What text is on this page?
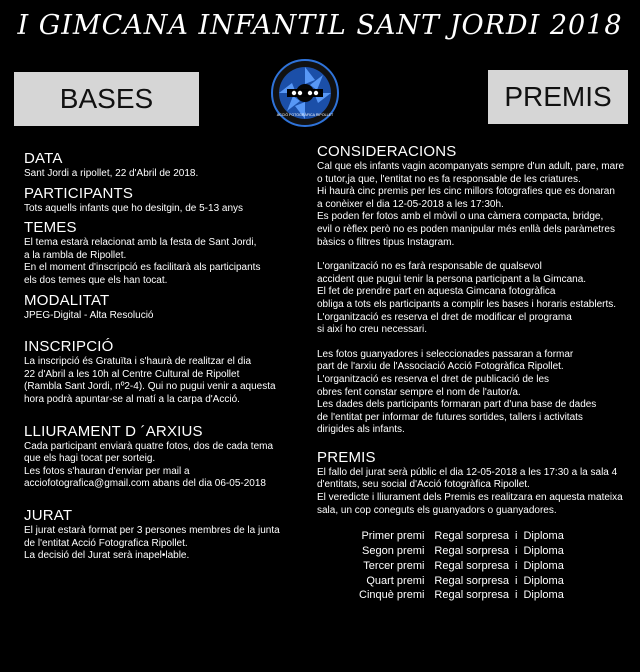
I GIMCANA INFANTIL SANT JORDI 2018
BASES	PREMIS
ACCIÓ FOTOGRÀFICA RIPOLLET
DATA
Sant Jordi a ripollet, 22 d'Abril de 2018.
PARTICIPANTS
Tots aquells infants que ho desitgin, de 5-13 anys
TEMES
El tema estarà relacionat amb la festa de Sant Jordi,
a la rambla de Ripollet.
En el moment d'inscripció es facilitarà als participants
els dos temes que els han tocat.
MODALITAT
JPEG-Digital - Alta Resolució
INSCRIPCIÓ
La inscripció és Gratuïta i s'haurà de realitzar el dia
22 d'Abril a les 10h al Centre Cultural de Ripollet
(Rambla Sant Jordi, nº2-4). Qui no pugui venir a aquesta
hora podrà apuntar-se al matí a la carpa d'Acció.
LLIURAMENT D ´ARXIUS
Cada participant enviarà quatre fotos, dos de cada tema
que els hagi tocat per sorteig.
Les fotos s'hauran d'enviar per mail a
acciofotografica@gmail.com abans del dia 06-05-2018
JURAT
El jurat estarà format per 3 persones membres de la junta
de l'entitat Acció Fotografica Ripollet.
La decisió del Jurat serà inapel•lable.
CONSIDERACIONS
Cal que els infants vagin acompanyats sempre d'un adult, pare, mare
o tutor,ja que, l'entitat no es fa responsable de les criatures.
Hi haurà cinc premis per les cinc millors fotografies que es donaran
a conèixer el dia 12-05-2018 a les 17:30h.
Es poden fer fotos amb el mòvil o una càmera compacta, bridge,
evil o rèflex però no es poden manipular més enllà dels paràmetres
bàsics o filtres tipus Instagram.
L'organització no es farà responsable de qualsevol
accident que pugui tenir la persona participant a la Gimcana.
El fet de prendre part en aquesta Gimcana fotogràfica
obliga a tots els participants a complir les bases i horaris establerts.
L'organització es reserva el dret de modificar el programa
si així ho creu necessari.
Les fotos guanyadores i seleccionades passaran a formar
part de l'arxiu de l'Associació Acció Fotogràfica Ripollet.
L'organització es reserva el dret de publicació de les
obres fent constar sempre el nom de l'autor/a.
Les dades dels participants formaran part d'una base de dades
de l'entitat per informar de futures sortides, tallers i activitats
dirigides als infants.
PREMIS
El fallo del jurat serà públic el dia 12-05-2018 a les 17:30 a la sala 4
d'entitats, seu social d'Acció fotogràfica Ripollet.
El veredicte i lliurament dels Premis es realitzara en aquesta mateixa
sala, un cop coneguts els guanyadors o guanyadores.
Primer premi	Regal sorpresa	i	Diploma
Segon premi	Regal sorpresa	i	Diploma
Tercer premi	Regal sorpresa	i	Diploma
Quart premi	Regal sorpresa	i	Diploma
Cinquè premi	Regal sorpresa	i	Diploma
